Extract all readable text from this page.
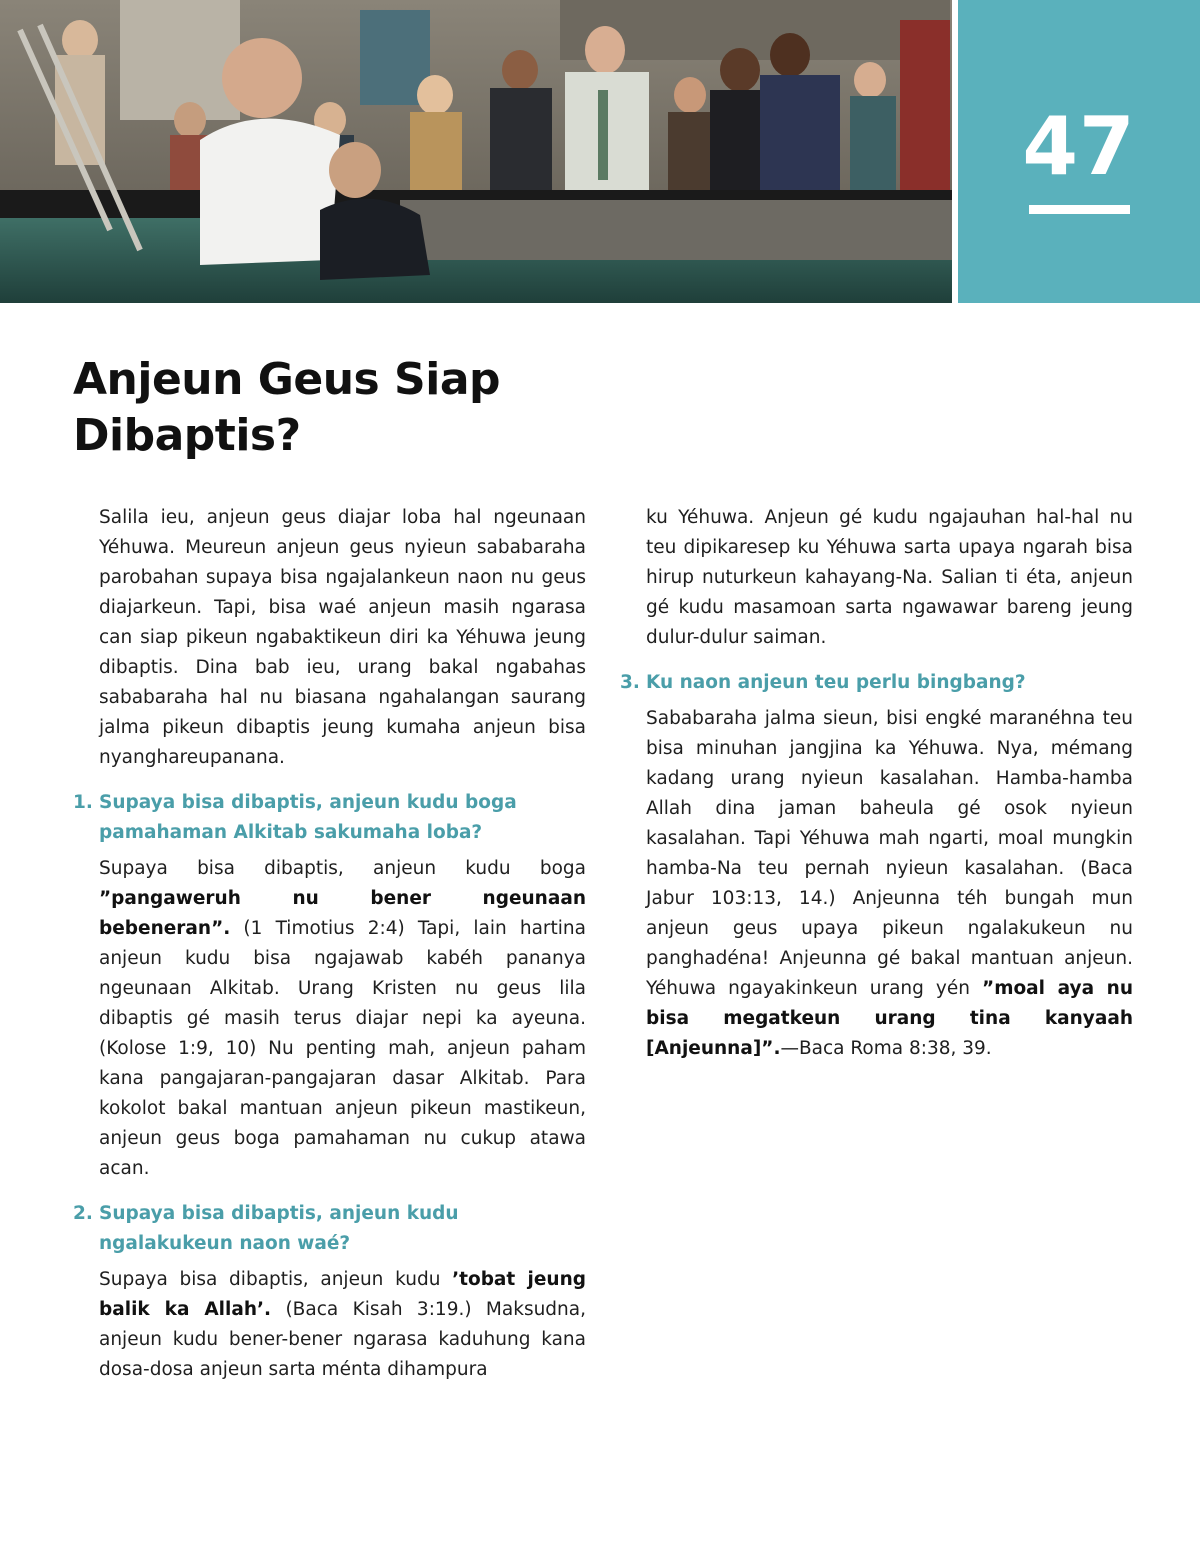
47
Anjeun Geus Siap Dibaptis?

Salila ieu, anjeun geus diajar loba hal ngeunaan Yéhuwa. Meureun anjeun geus nyieun sababaraha parobahan supaya bisa ngajalankeun naon nu geus diajarkeun. Tapi, bisa waé anjeun masih ngarasa can siap pikeun ngabaktikeun diri ka Yéhuwa jeung dibaptis. Dina bab ieu, urang bakal ngabahas sababaraha hal nu biasana ngahalangan saurang jalma pikeun dibaptis jeung kumaha anjeun bisa nyanghareupanana.

1. Supaya bisa dibaptis, anjeun kudu boga pamahaman Alkitab sakumaha loba?

Supaya bisa dibaptis, anjeun kudu boga ”pangaweruh nu bener ngeunaan bebeneran”. (1 Timotius 2:4) Tapi, lain hartina anjeun kudu bisa ngajawab kabéh pananya ngeunaan Alkitab. Urang Kristen nu geus lila dibaptis gé masih terus diajar nepi ka ayeuna. (Kolose 1:9, 10) Nu penting mah, anjeun paham kana pangajaran-pangajaran dasar Alkitab. Para kokolot bakal mantuan anjeun pikeun mastikeun, anjeun geus boga pamahaman nu cukup atawa acan.

2. Supaya bisa dibaptis, anjeun kudu ngalakukeun naon waé?

Supaya bisa dibaptis, anjeun kudu ’tobat jeung balik ka Allah’. (Baca Kisah 3:19.) Maksudna, anjeun kudu bener-bener ngarasa kaduhung kana dosa-dosa anjeun sarta ménta dihampura

ku Yéhuwa. Anjeun gé kudu ngajauhan hal-hal nu teu dipikaresep ku Yéhuwa sarta upaya ngarah bisa hirup nuturkeun kahayang-Na. Salian ti éta, anjeun gé kudu masamoan sarta ngawawar bareng jeung dulur-dulur saiman.

3. Ku naon anjeun teu perlu bingbang?

Sababaraha jalma sieun, bisi engké maranéhna teu bisa minuhan jangjina ka Yéhuwa. Nya, mémang kadang urang nyieun kasalahan. Hamba-hamba Allah dina jaman baheula gé osok nyieun kasalahan. Tapi Yéhuwa mah ngarti, moal mungkin hamba-Na teu pernah nyieun kasalahan. (Baca Jabur 103:13, 14.) Anjeunna téh bungah mun anjeun geus upaya pikeun ngalakukeun nu panghadéna! Anjeunna gé bakal mantuan anjeun. Yéhuwa ngayakinkeun urang yén ”moal aya nu bisa megatkeun urang tina kanyaah [Anjeunna]”.—Baca Roma 8:38, 39.
